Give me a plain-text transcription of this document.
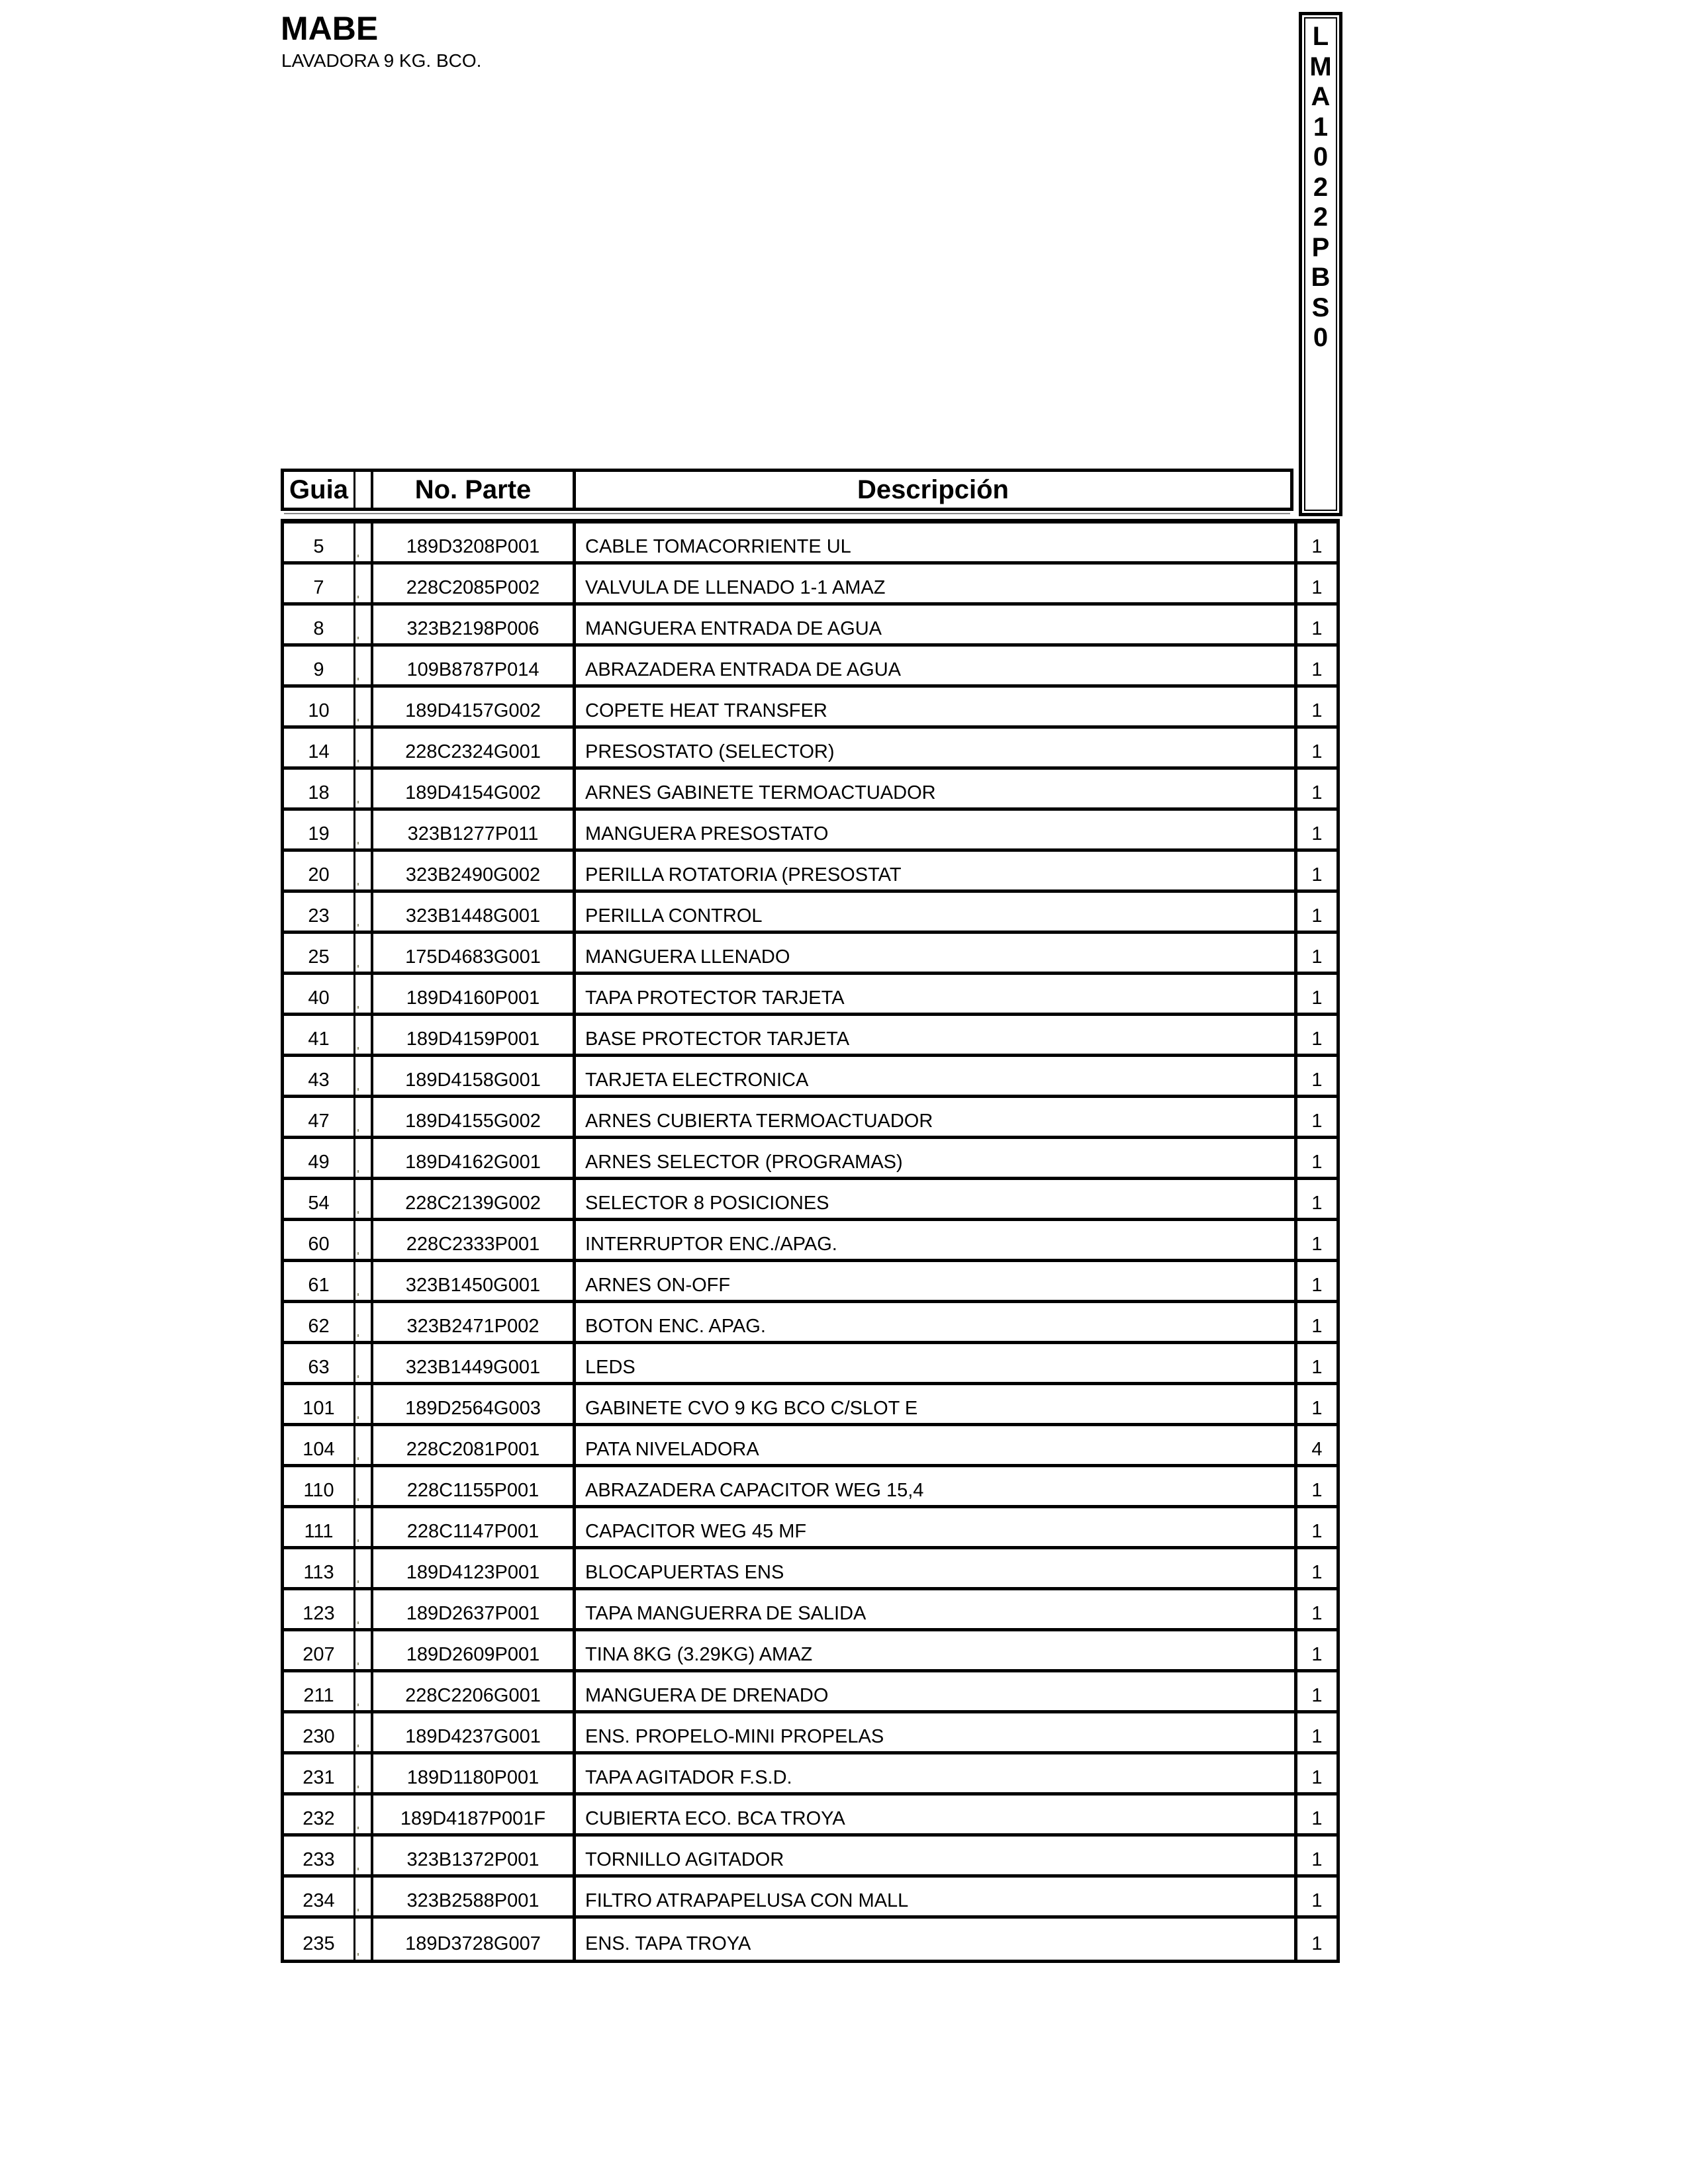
MABE
LAVADORA 9 KG. BCO.
L
M
A
1
0
2
2
P
B
S
0
Guia	No. Parte	Descripción
5	189D3208P001	CABLE TOMACORRIENTE UL	1
7	228C2085P002	VALVULA DE LLENADO 1-1 AMAZ	1
8	323B2198P006	MANGUERA ENTRADA DE AGUA	1
9	109B8787P014	ABRAZADERA ENTRADA DE AGUA	1
10	189D4157G002	COPETE HEAT TRANSFER	1
14	228C2324G001	PRESOSTATO (SELECTOR)	1
18	189D4154G002	ARNES GABINETE TERMOACTUADOR	1
19	323B1277P011	MANGUERA PRESOSTATO	1
20	323B2490G002	PERILLA ROTATORIA (PRESOSTAT	1
23	323B1448G001	PERILLA CONTROL	1
25	175D4683G001	MANGUERA LLENADO	1
40	189D4160P001	TAPA PROTECTOR TARJETA	1
41	189D4159P001	BASE PROTECTOR TARJETA	1
43	189D4158G001	TARJETA ELECTRONICA	1
47	189D4155G002	ARNES CUBIERTA TERMOACTUADOR	1
49	189D4162G001	ARNES SELECTOR (PROGRAMAS)	1
54	228C2139G002	SELECTOR 8 POSICIONES	1
60	228C2333P001	INTERRUPTOR ENC./APAG.	1
61	323B1450G001	ARNES ON-OFF	1
62	323B2471P002	BOTON ENC. APAG.	1
63	323B1449G001	LEDS	1
101	189D2564G003	GABINETE CVO 9 KG BCO C/SLOT E	1
104	228C2081P001	PATA NIVELADORA	4
110	228C1155P001	ABRAZADERA CAPACITOR WEG 15,4	1
111	228C1147P001	CAPACITOR WEG 45 MF	1
113	189D4123P001	BLOCAPUERTAS ENS	1
123	189D2637P001	TAPA MANGUERRA DE SALIDA	1
207	189D2609P001	TINA 8KG (3.29KG) AMAZ	1
211	228C2206G001	MANGUERA DE DRENADO	1
230	189D4237G001	ENS. PROPELO-MINI PROPELAS	1
231	189D1180P001	TAPA AGITADOR F.S.D.	1
232	189D4187P001F	CUBIERTA ECO. BCA TROYA	1
233	323B1372P001	TORNILLO AGITADOR	1
234	323B2588P001	FILTRO ATRAPAPELUSA CON MALL	1
235	189D3728G007	ENS. TAPA TROYA	1
